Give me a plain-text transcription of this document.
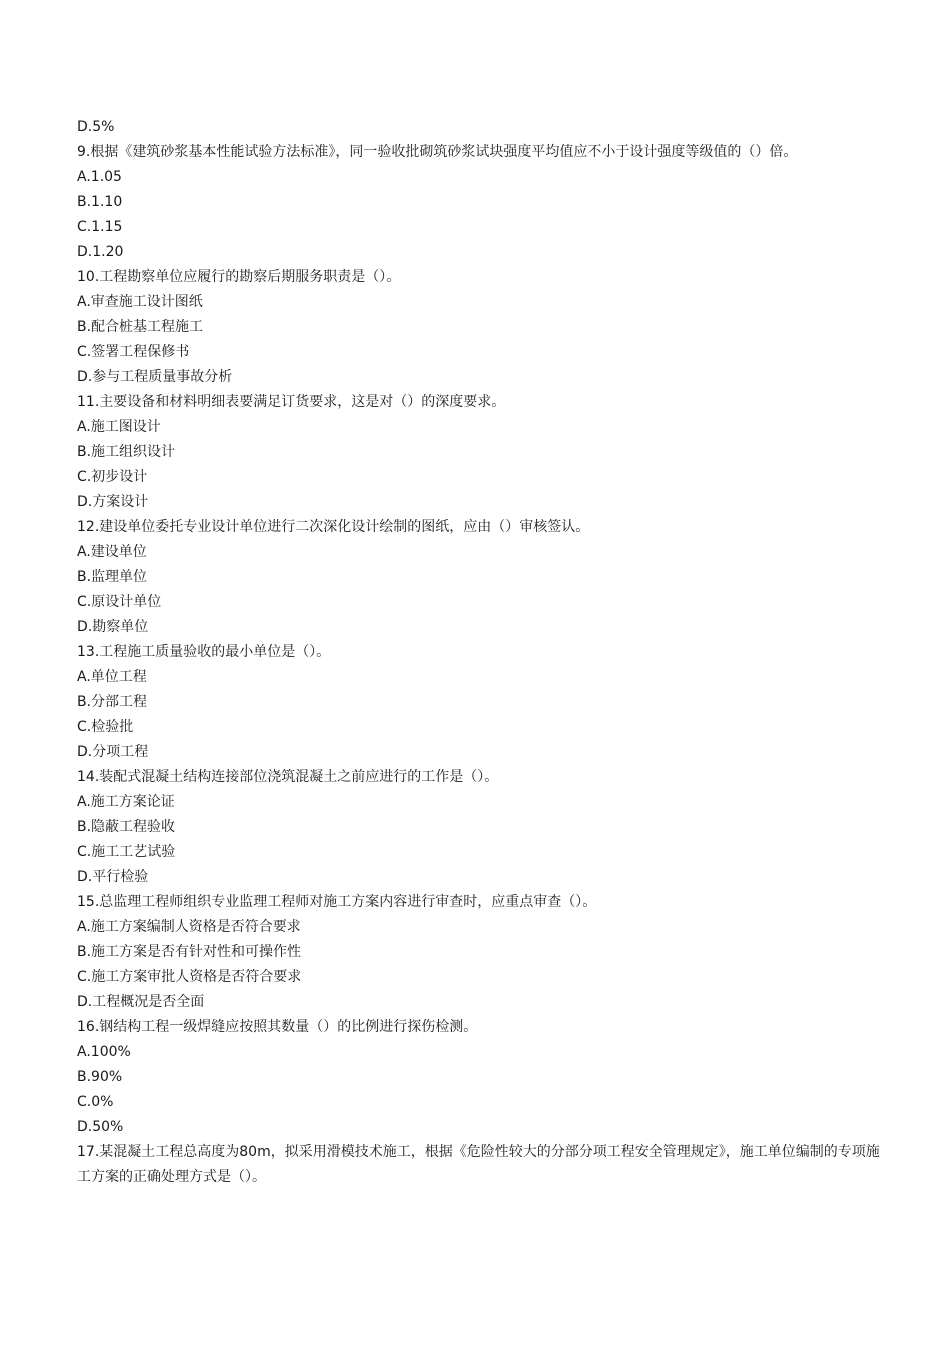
D.5%
9.根据《建筑砂浆基本性能试验方法标准》，同一验收批砌筑砂浆试块强度平均值应不小于设计强度等级值的（）倍。
A.1.05
B.1.10
C.1.15
D.1.20
10.工程勘察单位应履行的勘察后期服务职责是（）。
A.审查施工设计图纸
B.配合桩基工程施工
C.签署工程保修书
D.参与工程质量事故分析
11.主要设备和材料明细表要满足订货要求，这是对（）的深度要求。
A.施工图设计
B.施工组织设计
C.初步设计
D.方案设计
12.建设单位委托专业设计单位进行二次深化设计绘制的图纸，应由（）审核签认。
A.建设单位
B.监理单位
C.原设计单位
D.勘察单位
13.工程施工质量验收的最小单位是（）。
A.单位工程
B.分部工程
C.检验批
D.分项工程
14.装配式混凝土结构连接部位浇筑混凝土之前应进行的工作是（）。
A.施工方案论证
B.隐蔽工程验收
C.施工工艺试验
D.平行检验
15.总监理工程师组织专业监理工程师对施工方案内容进行审查时，应重点审查（）。
A.施工方案编制人资格是否符合要求
B.施工方案是否有针对性和可操作性
C.施工方案审批人资格是否符合要求
D.工程概况是否全面
16.钢结构工程一级焊缝应按照其数量（）的比例进行探伤检测。
A.100%
B.90%
C.0%
D.50%
17.某混凝土工程总高度为80m，拟采用滑模技术施工，根据《危险性较大的分部分项工程安全管理规定》，施工单位编制的专项施工方案的正确处理方式是（）。
